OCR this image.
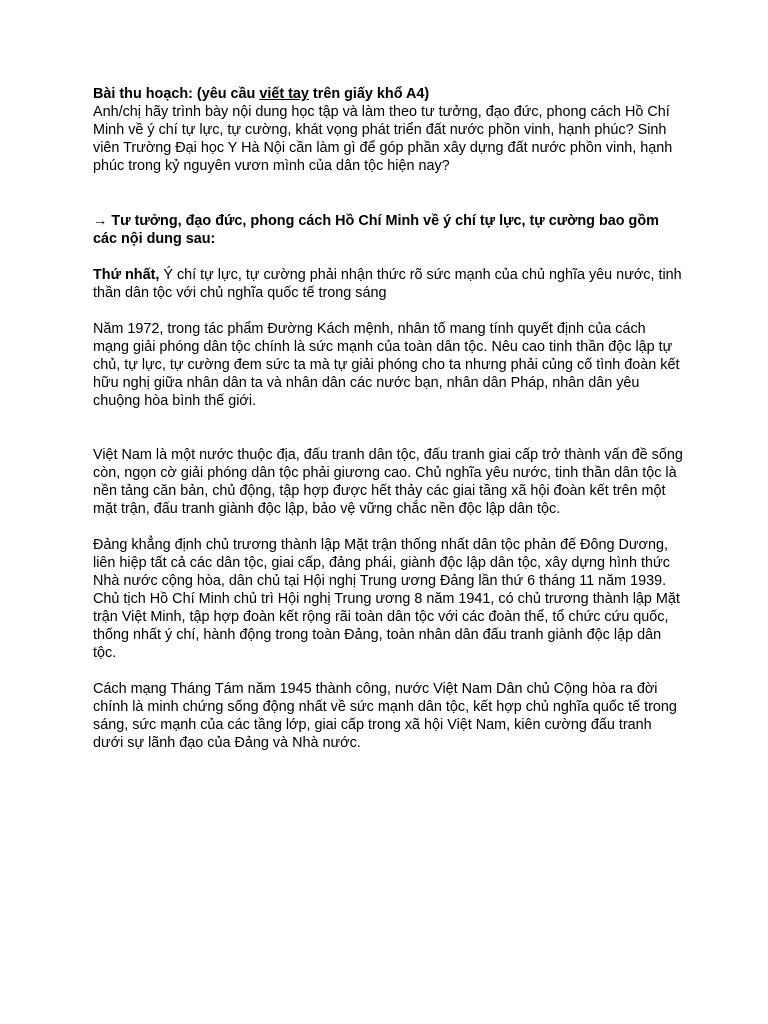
Bài thu hoạch: (yêu cầu viết tay trên giấy khổ A4)

Anh/chị hãy trình bày nội dung học tập và làm theo tư tưởng, đạo đức, phong cách Hồ Chí Minh về ý chí tự lực, tự cường, khát vọng phát triển đất nước phồn vinh, hạnh phúc? Sinh viên Trường Đại học Y Hà Nội cần làm gì để góp phần xây dựng đất nước phồn vinh, hạnh phúc trong kỷ nguyên vươn mình của dân tộc hiện nay?

→ Tư tưởng, đạo đức, phong cách Hồ Chí Minh về ý chí tự lực, tự cường bao gồm các nội dung sau:

Thứ nhất, Ý chí tự lực, tự cường phải nhận thức rõ sức mạnh của chủ nghĩa yêu nước, tinh thần dân tộc với chủ nghĩa quốc tế trong sáng

Năm 1972, trong tác phẩm Đường Kách mệnh, nhân tố mang tính quyết định của cách mạng giải phóng dân tộc chính là sức mạnh của toàn dân tộc. Nêu cao tinh thần độc lập tự chủ, tự lực, tự cường đem sức ta mà tự giải phóng cho ta nhưng phải củng cố tình đoàn kết hữu nghị giữa nhân dân ta và nhân dân các nước bạn, nhân dân Pháp, nhân dân yêu chuộng hòa bình thế giới.

Việt Nam là một nước thuộc địa, đấu tranh dân tộc, đấu tranh giai cấp trở thành vấn đề sống còn, ngọn cờ giải phóng dân tộc phải giương cao. Chủ nghĩa yêu nước, tinh thần dân tộc là nền tảng căn bản, chủ động, tập hợp được hết thảy các giai tầng xã hội đoàn kết trên một mặt trận, đấu tranh giành độc lập, bảo vệ vững chắc nền độc lập dân tộc.

Đảng khẳng định chủ trương thành lập Mặt trận thống nhất dân tộc phản đế Đông Dương, liên hiệp tất cả các dân tộc, giai cấp, đảng phái, giành độc lập dân tộc, xây dựng hình thức Nhà nước cộng hòa, dân chủ tại Hội nghị Trung ương Đảng lần thứ 6 tháng 11 năm 1939. Chủ tịch Hồ Chí Minh chủ trì Hội nghị Trung ương 8 năm 1941, có chủ trương thành lập Mặt trận Việt Minh, tập hợp đoàn kết rộng rãi toàn dân tộc với các đoàn thể, tổ chức cứu quốc, thống nhất ý chí, hành động trong toàn Đảng, toàn nhân dân đấu tranh giành độc lập dân tộc.

Cách mạng Tháng Tám năm 1945 thành công, nước Việt Nam Dân chủ Cộng hòa ra đời chính là minh chứng sống động nhất về sức mạnh dân tộc, kết hợp chủ nghĩa quốc tế trong sáng, sức mạnh của các tầng lớp, giai cấp trong xã hội Việt Nam, kiên cường đấu tranh dưới sự lãnh đạo của Đảng và Nhà nước.
